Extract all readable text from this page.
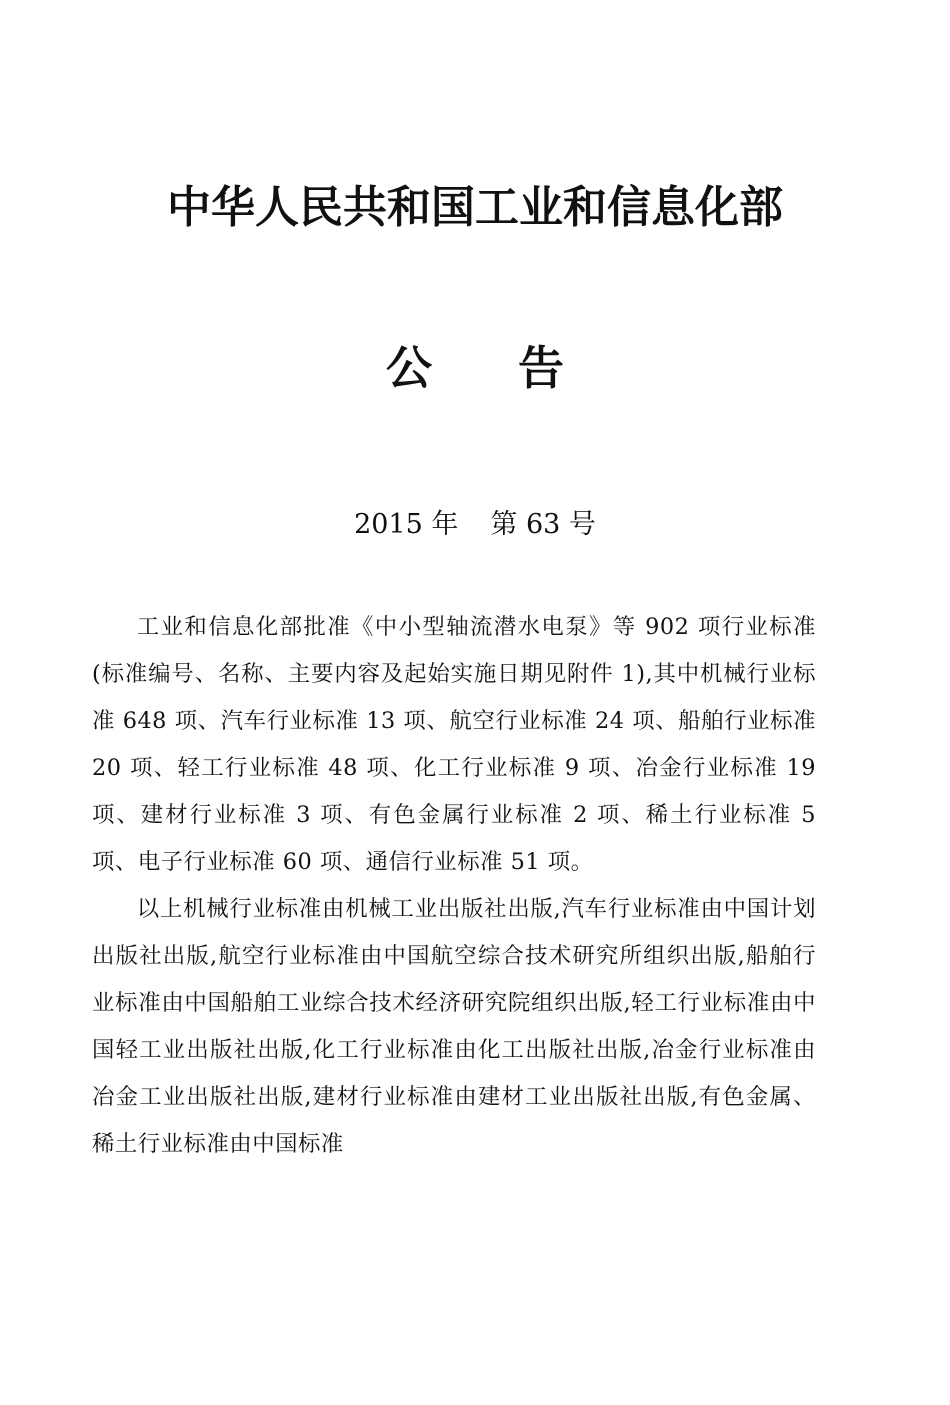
中华人民共和国工业和信息化部
公 告
2015 年 第 63 号

工业和信息化部批准《中小型轴流潜水电泵》等 902 项行业标准(标准编号、名称、主要内容及起始实施日期见附件 1),其中机械行业标准 648 项、汽车行业标准 13 项、航空行业标准 24 项、船舶行业标准 20 项、轻工行业标准 48 项、化工行业标准 9 项、冶金行业标准 19 项、建材行业标准 3 项、有色金属行业标准 2 项、稀土行业标准 5 项、电子行业标准 60 项、通信行业标准 51 项。

以上机械行业标准由机械工业出版社出版,汽车行业标准由中国计划出版社出版,航空行业标准由中国航空综合技术研究所组织出版,船舶行业标准由中国船舶工业综合技术经济研究院组织出版,轻工行业标准由中国轻工业出版社出版,化工行业标准由化工出版社出版,冶金行业标准由冶金工业出版社出版,建材行业标准由建材工业出版社出版,有色金属、稀土行业标准由中国标准
